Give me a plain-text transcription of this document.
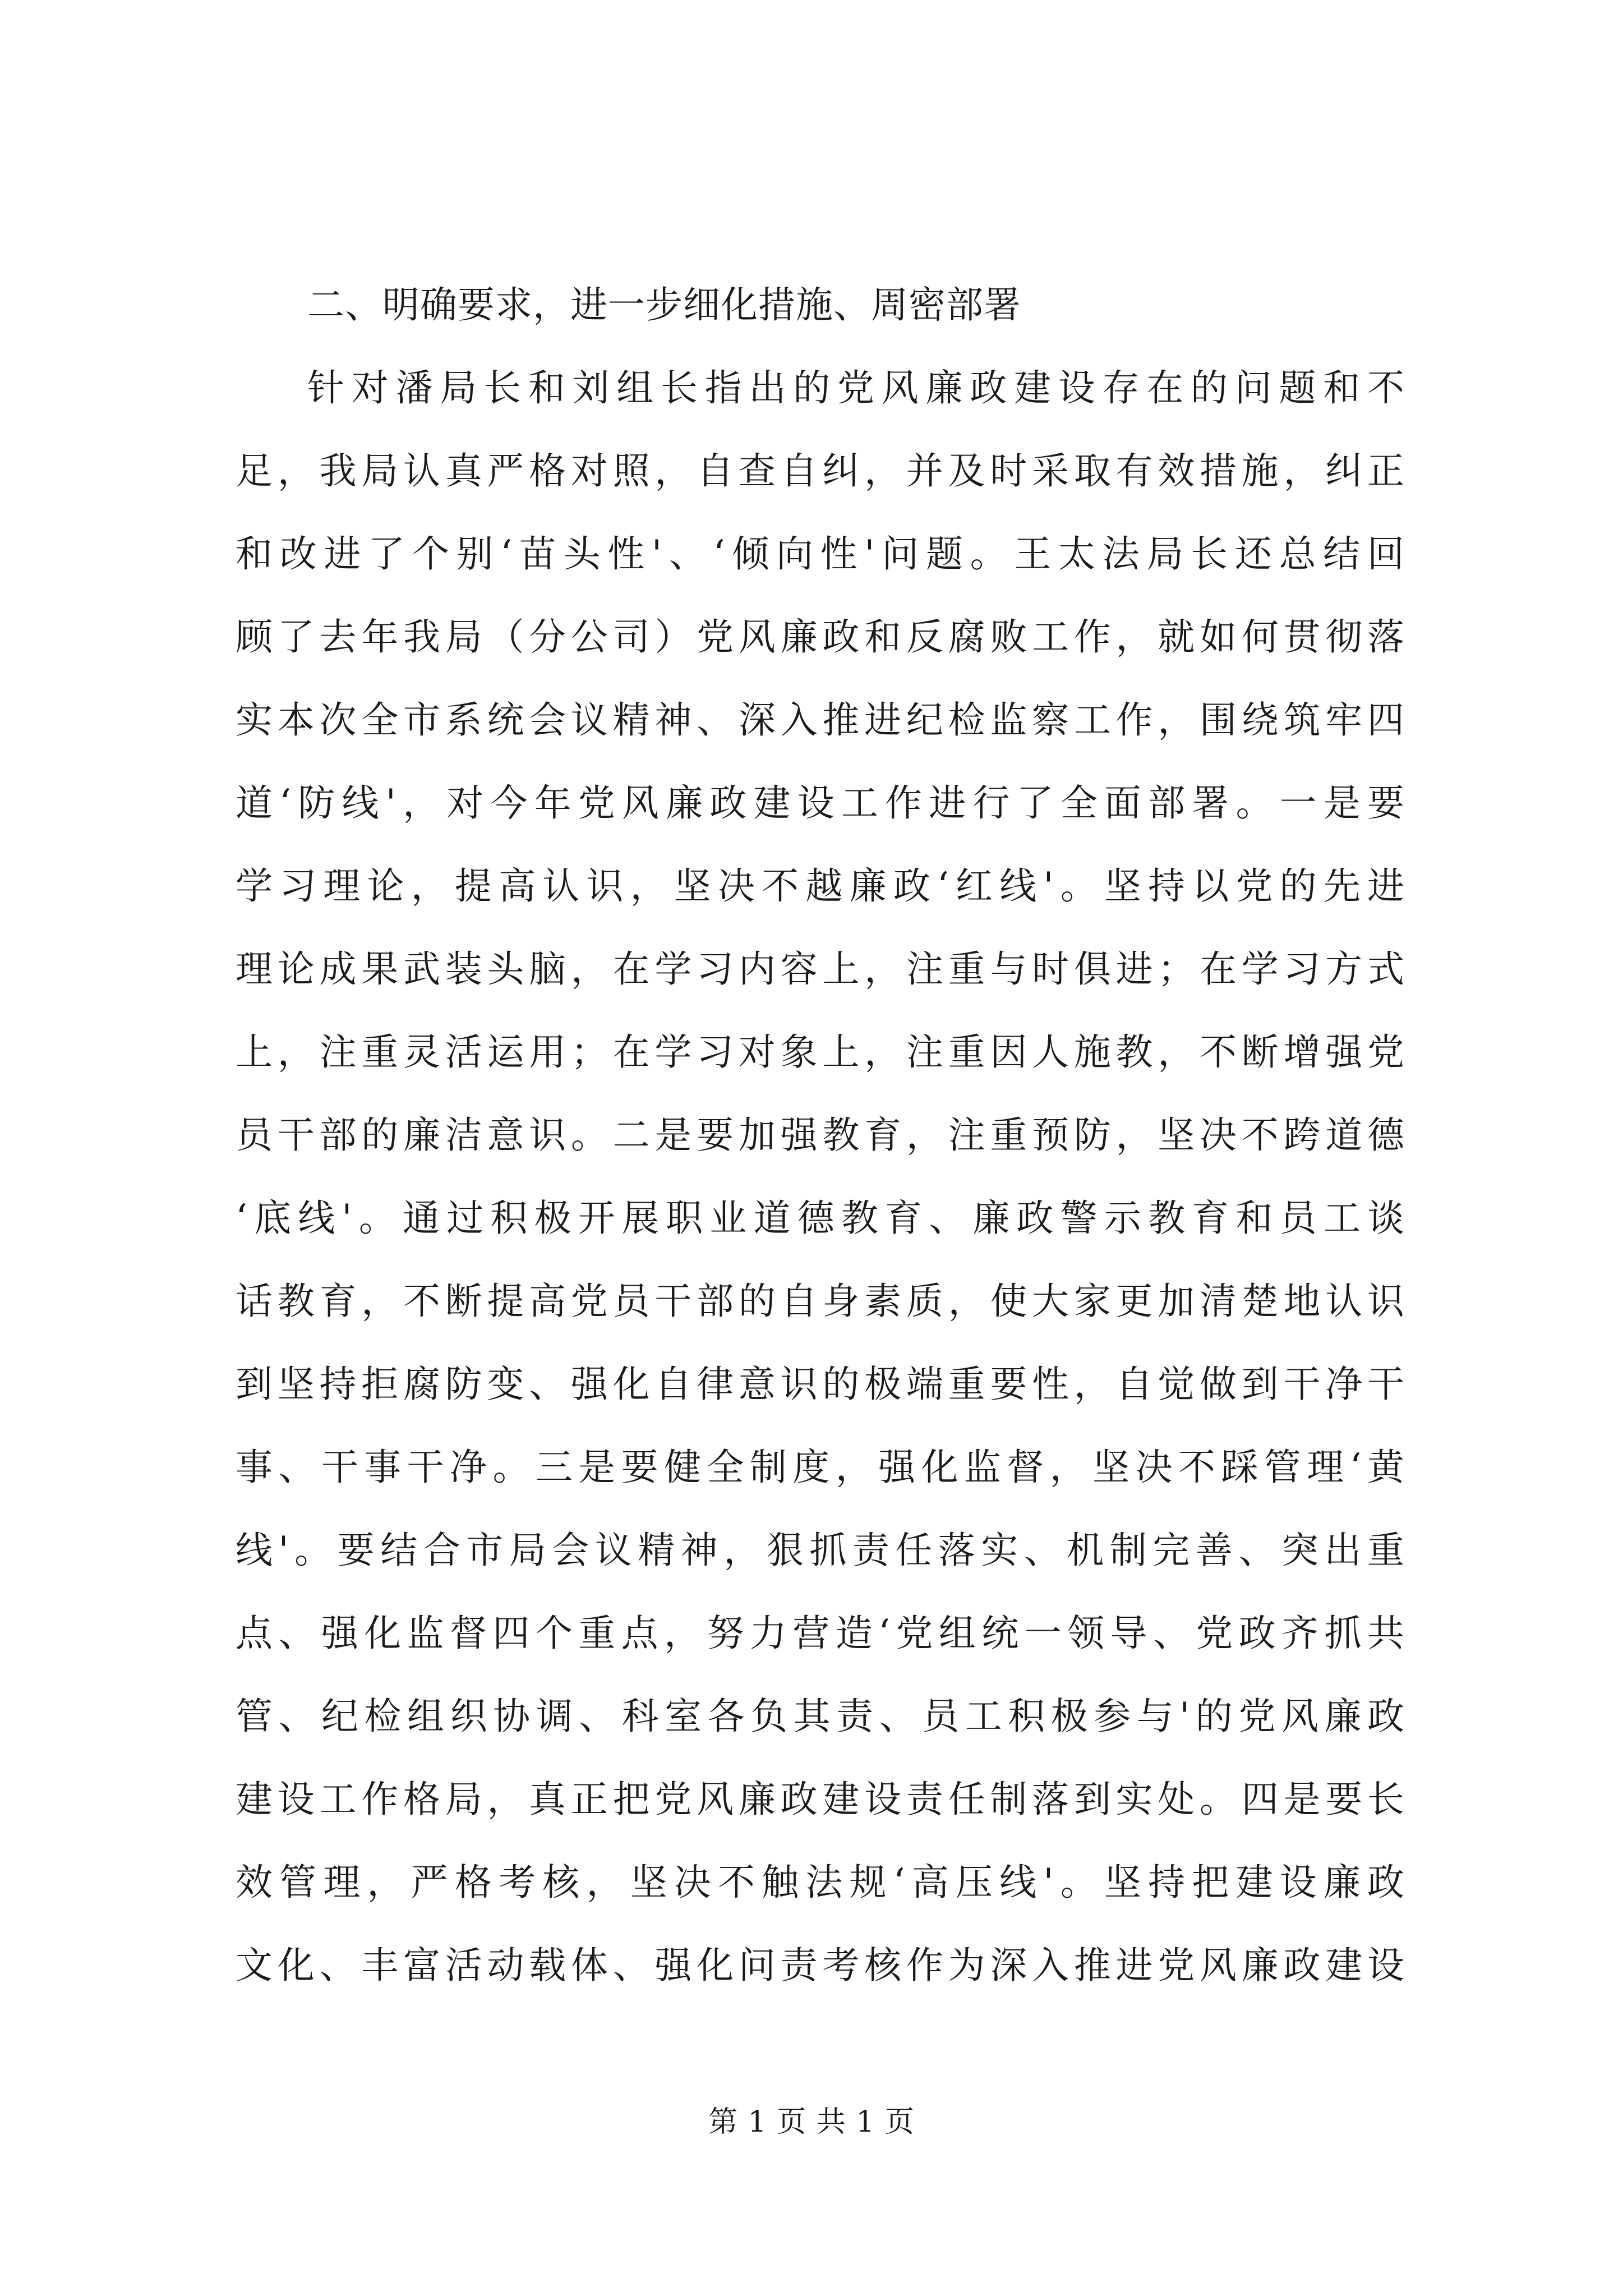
二、明确要求，进一步细化措施、周密部署
针对潘局长和刘组长指出的党风廉政建设存在的问题和不
足，我局认真严格对照，自查自纠，并及时采取有效措施，纠正
和改进了个别‘苗头性'、‘倾向性'问题。王太法局长还总结回
顾了去年我局（分公司）党风廉政和反腐败工作，就如何贯彻落
实本次全市系统会议精神、深入推进纪检监察工作，围绕筑牢四
道‘防线'，对今年党风廉政建设工作进行了全面部署。一是要
学习理论，提高认识，坚决不越廉政‘红线'。坚持以党的先进
理论成果武装头脑，在学习内容上，注重与时俱进；在学习方式
上，注重灵活运用；在学习对象上，注重因人施教，不断增强党
员干部的廉洁意识。二是要加强教育，注重预防，坚决不跨道德
‘底线'。通过积极开展职业道德教育、廉政警示教育和员工谈
话教育，不断提高党员干部的自身素质，使大家更加清楚地认识
到坚持拒腐防变、强化自律意识的极端重要性，自觉做到干净干
事、干事干净。三是要健全制度，强化监督，坚决不踩管理‘黄
线'。要结合市局会议精神，狠抓责任落实、机制完善、突出重
点、强化监督四个重点，努力营造‘党组统一领导、党政齐抓共
管、纪检组织协调、科室各负其责、员工积极参与'的党风廉政
建设工作格局，真正把党风廉政建设责任制落到实处。四是要长
效管理，严格考核，坚决不触法规‘高压线'。坚持把建设廉政
文化、丰富活动载体、强化问责考核作为深入推进党风廉政建设
第 1 页 共 1 页
